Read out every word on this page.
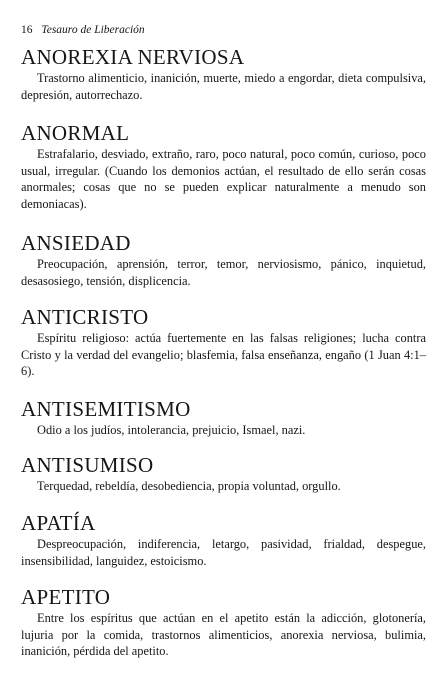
16 Tesauro de Liberación
ANOREXIA NERVIOSA

Trastorno alimenticio, inanición, muerte, miedo a engordar, dieta compulsiva, depresión, autorrechazo.

ANORMAL

Estrafalario, desviado, extraño, raro, poco natural, poco común, curioso, poco usual, irregular. (Cuando los demonios actúan, el resultado de ello serán cosas anormales; cosas que no se pueden explicar naturalmente a menudo son demoniacas).

ANSIEDAD

Preocupación, aprensión, terror, temor, nerviosismo, pánico, inquietud, desasosiego, tensión, displicencia.

ANTICRISTO

Espíritu religioso: actúa fuertemente en las falsas religiones; lucha contra Cristo y la verdad del evangelio; blasfemia, falsa enseñanza, engaño (1 Juan 4:1–6).

ANTISEMITISMO

Odio a los judíos, intolerancia, prejuicio, Ismael, nazi.

ANTISUMISO

Terquedad, rebeldía, desobediencia, propia voluntad, orgullo.

APATÍA

Despreocupación, indiferencia, letargo, pasividad, frialdad, despegue, insensibilidad, languidez, estoicismo.

APETITO

Entre los espíritus que actúan en el apetito están la adicción, glotonería, lujuria por la comida, trastornos alimenticios, anorexia nerviosa, bulimia, inanición, pérdida del apetito.
